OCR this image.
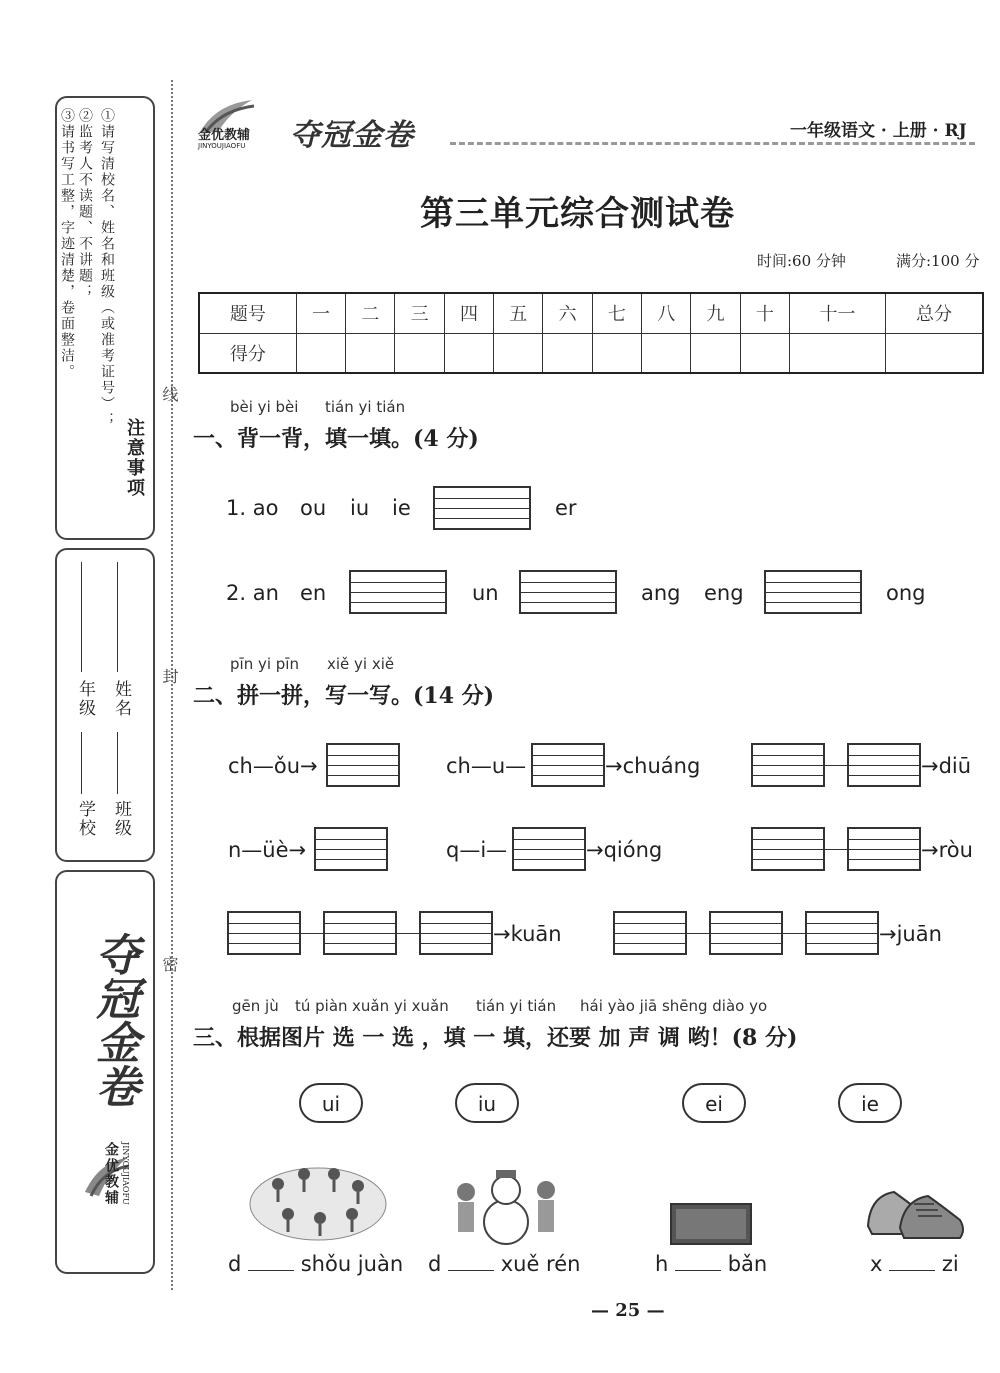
注意事项
①请写清校名、姓名和班级（或准考证号）；
②监考人不读题、不讲题；
③请书写工整，字迹清楚，卷面整洁。
年级 姓名
学校 班级
夺冠金卷
金优教辅 JINYOUJIAOFU
线
封
密
金优教辅
JINYOUJIAOFU 夺冠金卷	一年级语文 · 上册 · RJ
第三单元综合测试卷
时间:60 分钟	满分:100 分
题号	一	二	三	四	五	六	七	八	九	十	十一	总分
得分												
bèi yi bèi tián yi tián
一、背一背，填一填。(4 分)
1. ao ou iu ie	er
2. an en	un	ang eng	ong
pīn yi pīn xiě yi xiě
二、拼一拼，写一写。(14 分)
ch—ǒu→	ch—u—	→chuáng	→diū
n—üè→	q—i—	→qióng	→ròu
→kuān	→juān
gēn jù tú piàn xuǎn yi xuǎn tián yi tián hái yào jiā shēng diào yo
三、根据图片 选 一 选 ，填 一 填，还要 加 声 调 哟！(8 分)
ui	iu	ei	ie
d	shǒu juàn d	xuě rén	h	bǎn	x	zi
— 25 —
